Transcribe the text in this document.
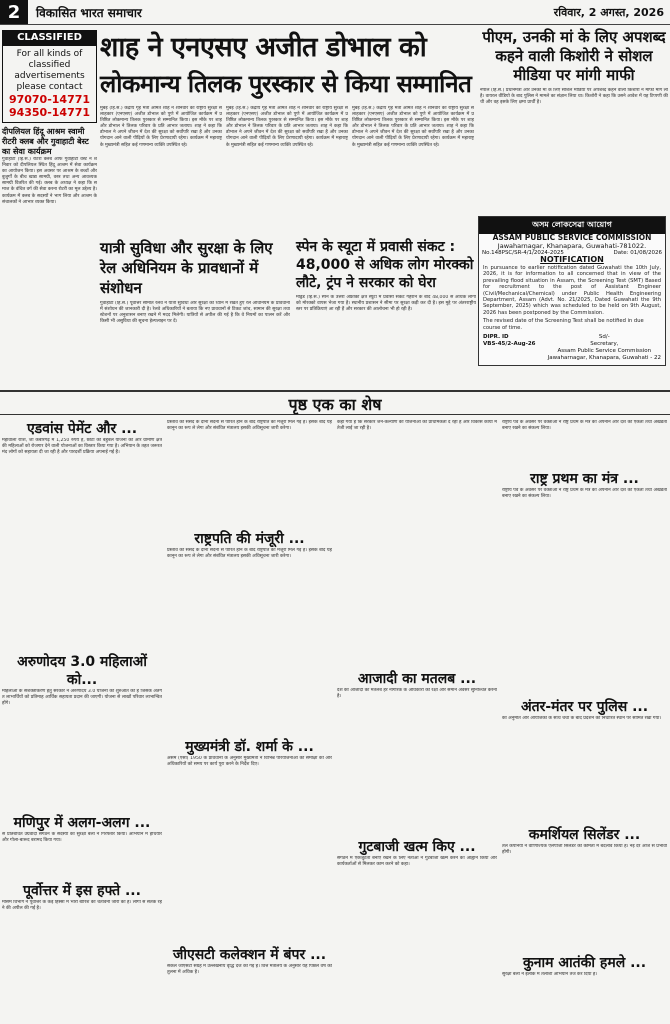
2	विकासित भारत समाचार	रविवार, 2 अगस्त, 2026
CLASSIFIED
For all kinds of classified advertisements please contact
97070-14771
94350-14771
दीपलियल हिंदू आश्रम स्वामी रीटरी क्लब और गुवाहाटी बेस्ट का सेवा कार्यक्रम
गुवाहाटी (हि.स.) रोटरी क्लब ऑफ गुवाहाटी वेस्ट ने शनिवार को दीपलियल स्थित हिंदू आश्रम में सेवा कार्यक्रम का आयोजन किया। इस अवसर पर आश्रम के बच्चों और बुजुर्गों के बीच खाद्य सामग्री, वस्त्र तथा अन्य आवश्यक सामग्री वितरित की गई। क्लब के अध्यक्ष ने कहा कि समाज के वंचित वर्ग की सेवा करना रोटरी का मूल उद्देश्य है। कार्यक्रम में क्लब के सदस्यों ने भाग लिया और आश्रम के संचालकों ने आभार व्यक्त किया।
शाह ने एनएसए अजीत डोभाल को
लोकमान्य तिलक पुरस्कार से किया सम्मानित
मुंबई (हि.स.) केंद्रीय गृह मंत्री अमित शाह ने शनिवार को राष्ट्रीय सुरक्षा सलाहकार (एनएसए) अजीत डोभाल को पुणे में आयोजित कार्यक्रम में प्रतिष्ठित लोकमान्य तिलक पुरस्कार से सम्मानित किया। इस मौके पर शाह और डोभाल ने तिलक परिवार के प्रति आभार जताया। शाह ने कहा कि डोभाल ने अपने जीवन में देश की सुरक्षा को सर्वोपरि रखा है और उनका योगदान आने वाली पीढ़ियों के लिए प्रेरणादायी रहेगा। कार्यक्रम में महाराष्ट्र के मुख्यमंत्री सहित कई गणमान्य व्यक्ति उपस्थित रहे।
मुंबई (हि.स.) केंद्रीय गृह मंत्री अमित शाह ने शनिवार को राष्ट्रीय सुरक्षा सलाहकार (एनएसए) अजीत डोभाल को पुणे में आयोजित कार्यक्रम में प्रतिष्ठित लोकमान्य तिलक पुरस्कार से सम्मानित किया। इस मौके पर शाह और डोभाल ने तिलक परिवार के प्रति आभार जताया। शाह ने कहा कि डोभाल ने अपने जीवन में देश की सुरक्षा को सर्वोपरि रखा है और उनका योगदान आने वाली पीढ़ियों के लिए प्रेरणादायी रहेगा। कार्यक्रम में महाराष्ट्र के मुख्यमंत्री सहित कई गणमान्य व्यक्ति उपस्थित रहे।
मुंबई (हि.स.) केंद्रीय गृह मंत्री अमित शाह ने शनिवार को राष्ट्रीय सुरक्षा सलाहकार (एनएसए) अजीत डोभाल को पुणे में आयोजित कार्यक्रम में प्रतिष्ठित लोकमान्य तिलक पुरस्कार से सम्मानित किया। इस मौके पर शाह और डोभाल ने तिलक परिवार के प्रति आभार जताया। शाह ने कहा कि डोभाल ने अपने जीवन में देश की सुरक्षा को सर्वोपरि रखा है और उनका योगदान आने वाली पीढ़ियों के लिए प्रेरणादायी रहेगा। कार्यक्रम में महाराष्ट्र के मुख्यमंत्री सहित कई गणमान्य व्यक्ति उपस्थित रहे।
यात्री सुविधा और सुरक्षा के लिए रेल अधिनियम के प्रावधानों में संशोधन
गुवाहाटी (हि.स.) पूर्वोत्तर सीमांत रेलवे ने यात्री सुविधा और सुरक्षा को ध्यान में रखते हुए रेल अधिनियम के प्रावधानों में संशोधन की जानकारी दी है। रेलवे अधिकारियों ने बताया कि नए प्रावधानों से टिकट जांच, सामान की सुरक्षा तथा स्टेशनों पर अनुशासन बनाए रखने में मदद मिलेगी। यात्रियों से अपील की गई है कि वे नियमों का पालन करें और किसी भी असुविधा की सूचना हेल्पलाइन पर दें।
स्पेन के स्यूटा में प्रवासी संकट : 48,000 से अधिक लोग मोरक्को लौटे, ट्रंप ने सरकार को घेरा
मैड्रिड (हि.स.) स्पेन के उत्तरी अफ्रीकी क्षेत्र स्यूटा में प्रवासी संकट गहराने के बाद 48,000 से अधिक लोगों को मोरक्को वापस भेजा गया है। स्थानीय प्रशासन ने सीमा पर सुरक्षा कड़ी कर दी है। इस मुद्दे पर अंतरराष्ट्रीय स्तर पर प्रतिक्रियाएं आ रही हैं और सरकार की आलोचना भी हो रही है।
पीएम, उनकी मां के लिए अपशब्द कहने वाली किशोरी ने सोशल मीडिया पर मांगी माफी
नेपाल (हि.स.) प्रधानमंत्री और उनकी मां के लिए सोशल मीडिया पर अपशब्द कहने वाली किशोरी ने माफी मांग ली है। वायरल वीडियो के बाद पुलिस ने मामले का संज्ञान लिया था। किशोरी ने कहा कि उसने आवेश में यह टिप्पणी की थी और वह इसके लिए क्षमा प्रार्थी है।
অসম লোকসেৱা আয়োগ
ASSAM PUBLIC SERVICE COMMISSION
Jawaharnagar, Khanapara, Guwahati-781022.
No.148PSC/SR-4/1/2024-2025	Date: 01/08/2026
NOTIFICATION
In pursuance to earlier notification dated Guwahati the 10th July, 2026, it is for information to all concerned that in view of the prevailing flood situation in Assam, the Screening Test (SMT) Based for recruitment to the post of Assistant Engineer (Civil/Mechanical/Chemical) under Public Health Engineering Department, Assam (Advt. No. 21/2025, Dated Guwahati the 9th September, 2025) which was scheduled to be held on 9th August, 2026 has been postponed by the Commission.
The revised date of the Screening Test shall be notified in due course of time.
DIPR. ID
VBS-45/2-Aug-26
Sd/-
Secretary,
Assam Public Service Commission
Jawaharnagar, Khanapara, Guwahati - 22
पृष्ठ एक का शेष
एडवांस पेमेंट और ...
महावाला राशि, जो कबीरगढ़ में 1,250 रुपये है, छोटी की बहुबल योजना को और ग्रामीण क्षेत्र की महिलाओं को रोजगार देने वाली योजनाओं का विस्तार किया गया है। अभियान के तहत जरूरतमंद लोगों को सहायता दी जा रही है और पारदर्शी प्रक्रिया अपनाई गई है।
अरुणोदय 3.0 महिलाओं को...
महिलाओं के सशक्तीकरण हेतु सरकार ने अरुणोदय 3.0 योजना की शुरुआत की है जिसके अंतर्गत लाभार्थियों को प्रतिमाह आर्थिक सहायता प्रदान की जाएगी। योजना से लाखों परिवार लाभान्वित होंगे।
मणिपुर में अलग-अलग ...
से प्रतिबंधित उग्रवादी संगठन के सदस्यों को सुरक्षा बलों ने गिरफ्तार किया। अभियान में हथियार और गोला-बारूद बरामद किया गया।
पूर्वोत्तर में इस हफ्ते ...
मौसम विभाग ने पूर्वोत्तर के कई हिस्सों में भारी बारिश की चेतावनी जारी की है। लोगों से सतर्क रहने की अपील की गई है।
प्रस्ताव को संसद के दोनों सदनों से पारित होने के बाद राष्ट्रपति की मंजूरी मिल गई है। इसके बाद यह कानून का रूप ले लेगा और संबंधित मंत्रालय इसकी अधिसूचना जारी करेगा।
राष्ट्रपति की मंजूरी ...
प्रस्ताव को संसद के दोनों सदनों से पारित होने के बाद राष्ट्रपति की मंजूरी मिल गई है। इसके बाद यह कानून का रूप ले लेगा और संबंधित मंत्रालय इसकी अधिसूचना जारी करेगा।
मुख्यमंत्री डॉ. शर्मा के ...
असम (ऐसा) 1950 के प्रावधानों के अनुसार मुख्यमंत्री ने विभिन्न परियोजनाओं की समीक्षा की और अधिकारियों को समय पर कार्य पूरा करने के निर्देश दिए।
जीएसटी कलेक्शन में बंपर ...
सकल जीएसटी संग्रह में उल्लेखनीय वृद्धि दर्ज की गई है। वित्त मंत्रालय के अनुसार यह पिछले वर्ष की तुलना में अधिक है।
कहा गया है कि सरकार जन-कल्याण की योजनाओं को प्राथमिकता दे रही है और विकास कार्यों में तेजी लाई जा रही है।
आजादी का मतलब ...
देश की आजादी का मतलब हर नागरिक के अधिकारों की रक्षा और समान अवसर सुनिश्चित करना है।
गुटबाजी खत्म किए ...
संगठन में एकजुटता बनाए रखने के लिए नेताओं ने गुटबाजी खत्म करने का आह्वान किया और कार्यकर्ताओं से मिलकर काम करने को कहा।
राष्ट्रीय पर्व के अवसर पर वक्ताओं ने राष्ट्र प्रथम के मंत्र को अपनाने और देश की एकता तथा अखंडता बनाए रखने का संकल्प लिया।
राष्ट्र प्रथम का मंत्र ...
राष्ट्रीय पर्व के अवसर पर वक्ताओं ने राष्ट्र प्रथम के मंत्र को अपनाने और देश की एकता तथा अखंडता बनाए रखने का संकल्प लिया।
अंतर-मंतर पर पुलिस ...
की अनुमति और आयोजकों के साथ चर्चा के बाद प्रदर्शन को निर्धारित स्थान पर सीमित रखा गया।
कमर्शियल सिलेंडर ...
तेल कंपनियों ने वाणिज्यिक एलपीजी सिलेंडर की कीमतों में बदलाव किया है। नई दरें आज से प्रभावी होंगी।
कुनाम आतंकी हमले ...
सुरक्षा बलों ने इलाके में तलाशी अभियान तेज कर दिया है।
